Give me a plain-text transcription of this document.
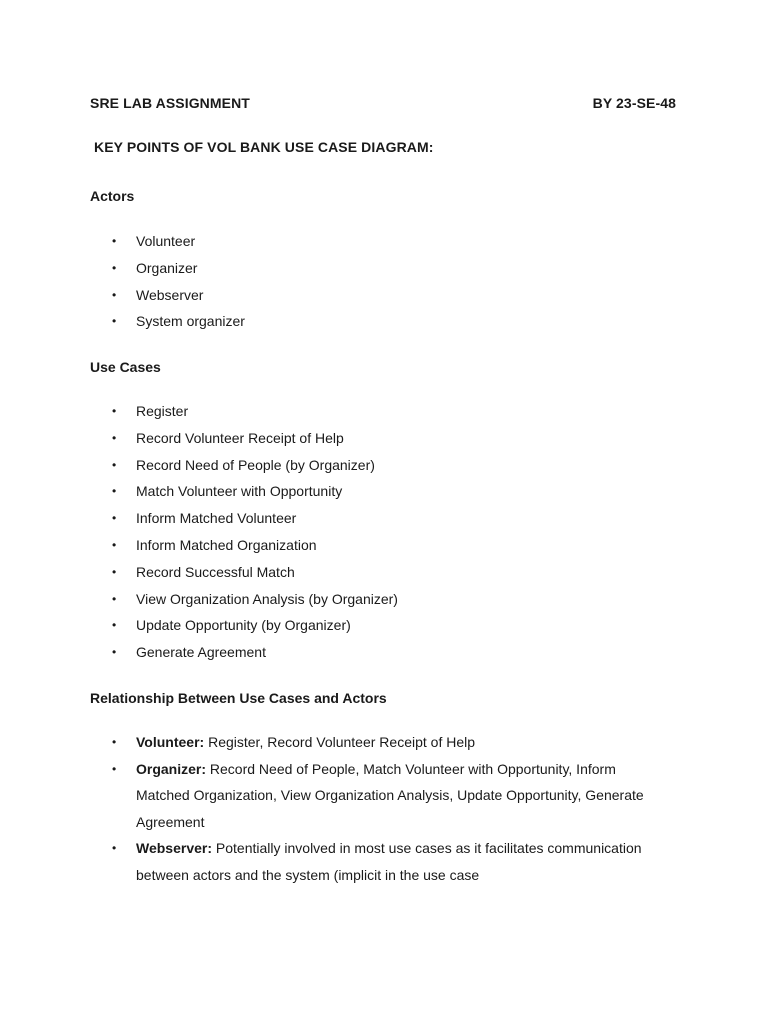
SRE LAB ASSIGNMENT	BY 23-SE-48
KEY POINTS OF VOL BANK USE CASE DIAGRAM:
Actors
• Volunteer
• Organizer
• Webserver
• System organizer
Use Cases
• Register
• Record Volunteer Receipt of Help
• Record Need of People (by Organizer)
• Match Volunteer with Opportunity
• Inform Matched Volunteer
• Inform Matched Organization
• Record Successful Match
• View Organization Analysis (by Organizer)
• Update Opportunity (by Organizer)
• Generate Agreement
Relationship Between Use Cases and Actors
• Volunteer: Register, Record Volunteer Receipt of Help
• Organizer: Record Need of People, Match Volunteer with Opportunity, Inform Matched Organization, View Organization Analysis, Update Opportunity, Generate Agreement
• Webserver: Potentially involved in most use cases as it facilitates communication between actors and the system (implicit in the use case
